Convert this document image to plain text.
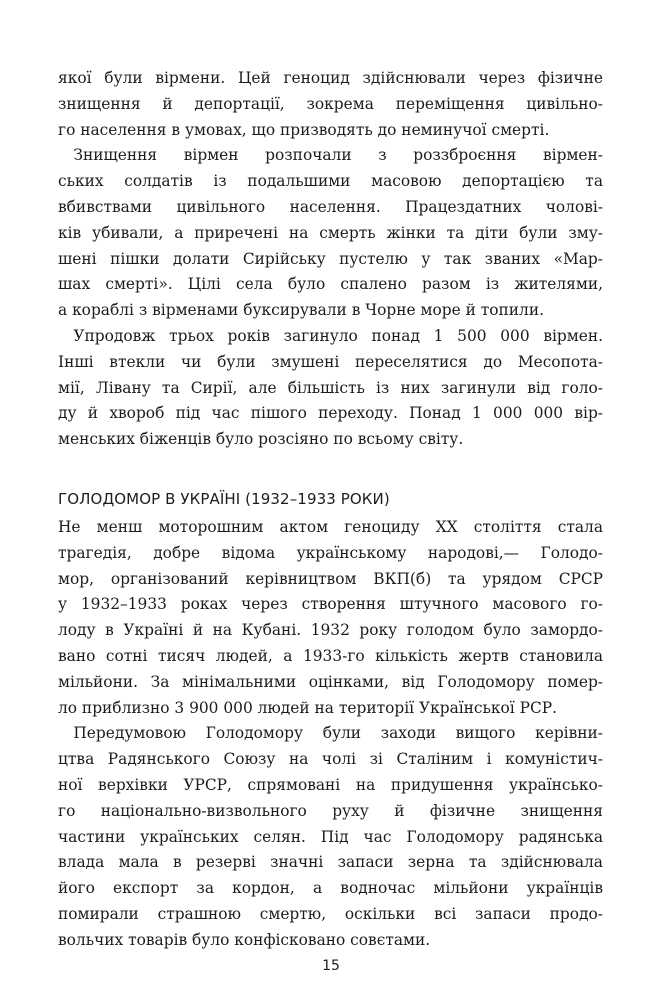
якої були вірмени. Цей геноцид здійснювали через фізичне
знищення й депортації, зокрема переміщення цивільно-
го населення в умовах, що призводять до неминучої смерті.
Знищення вірмен розпочали з роззброєння вірмен-
ських солдатів із подальшими масовою депортацією та
вбивствами цивільного населення. Працездатних чолові-
ків убивали, а приречені на смерть жінки та діти були зму-
шені пішки долати Сирійську пустелю у так званих «Мар-
шах смерті». Цілі села було спалено разом із жителями,
а кораблі з вірменами буксирували в Чорне море й топили.
Упродовж трьох років загинуло понад 1 500 000 вірмен.
Інші втекли чи були змушені переселятися до Месопота-
мії, Лівану та Сирії, але більшість із них загинули від голо-
ду й хвороб під час пішого переходу. Понад 1 000 000 вір-
менських біженців було розсіяно по всьому світу.
ГОЛОДОМОР В УКРАЇНІ (1932–1933 РОКИ)
Не менш моторошним актом геноциду XX століття стала
трагедія, добре відома українському народові,— Голодо-
мор, організований керівництвом ВКП(б) та урядом СРСР
у 1932–1933 роках через створення штучного масового го-
лоду в Україні й на Кубані. 1932 року голодом було замордо-
вано сотні тисяч людей, а 1933-го кількість жертв становила
мільйони. За мінімальними оцінками, від Голодомору помер-
ло приблизно 3 900 000 людей на території Української РСР.
Передумовою Голодомору були заходи вищого керівни-
цтва Радянського Союзу на чолі зі Сталіним і комуністич-
ної верхівки УРСР, спрямовані на придушення українсько-
го національно-визвольного руху й фізичне знищення
частини українських селян. Під час Голодомору радянська
влада мала в резерві значні запаси зерна та здійснювала
його експорт за кордон, а водночас мільйони українців
помирали страшною смертю, оскільки всі запаси продо-
вольчих товарів було конфісковано совєтами.
15
